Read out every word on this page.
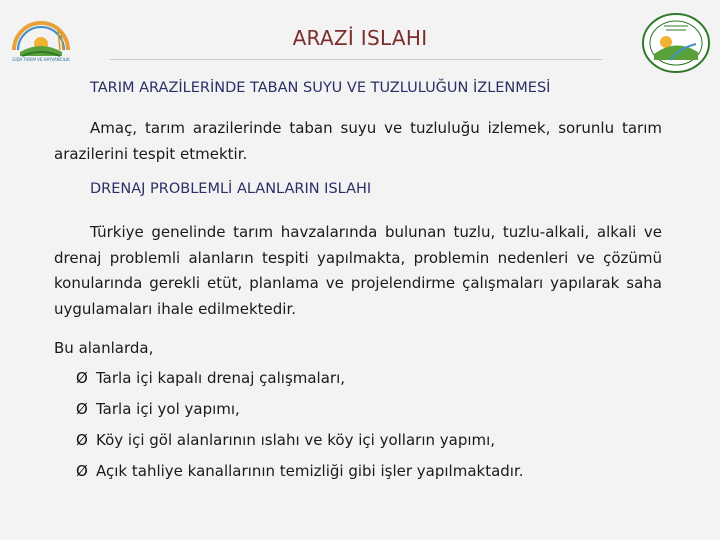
GIDA TARIM VE HAYVANCILIK
ARAZİ ISLAHI
TARIM ARAZİLERİNDE TABAN SUYU VE TUZLULUĞUN İZLENMESİ

Amaç, tarım arazilerinde taban suyu ve tuzluluğu izlemek, sorunlu tarım arazilerini tespit etmektir.

DRENAJ PROBLEMLİ ALANLARIN ISLAHI

Türkiye genelinde tarım havzalarında bulunan tuzlu, tuzlu-alkali, alkali ve drenaj problemli alanların tespiti yapılmakta, problemin nedenleri ve çözümü konularında gerekli etüt, planlama ve projelendirme çalışmaları yapılarak saha uygulamaları ihale edilmektedir.

Bu alanlarda,
Ø Tarla içi kapalı drenaj çalışmaları,
Ø Tarla içi yol yapımı,
Ø Köy içi göl alanlarının ıslahı ve köy içi yolların yapımı,
Ø Açık tahliye kanallarının temizliği gibi işler yapılmaktadır.
